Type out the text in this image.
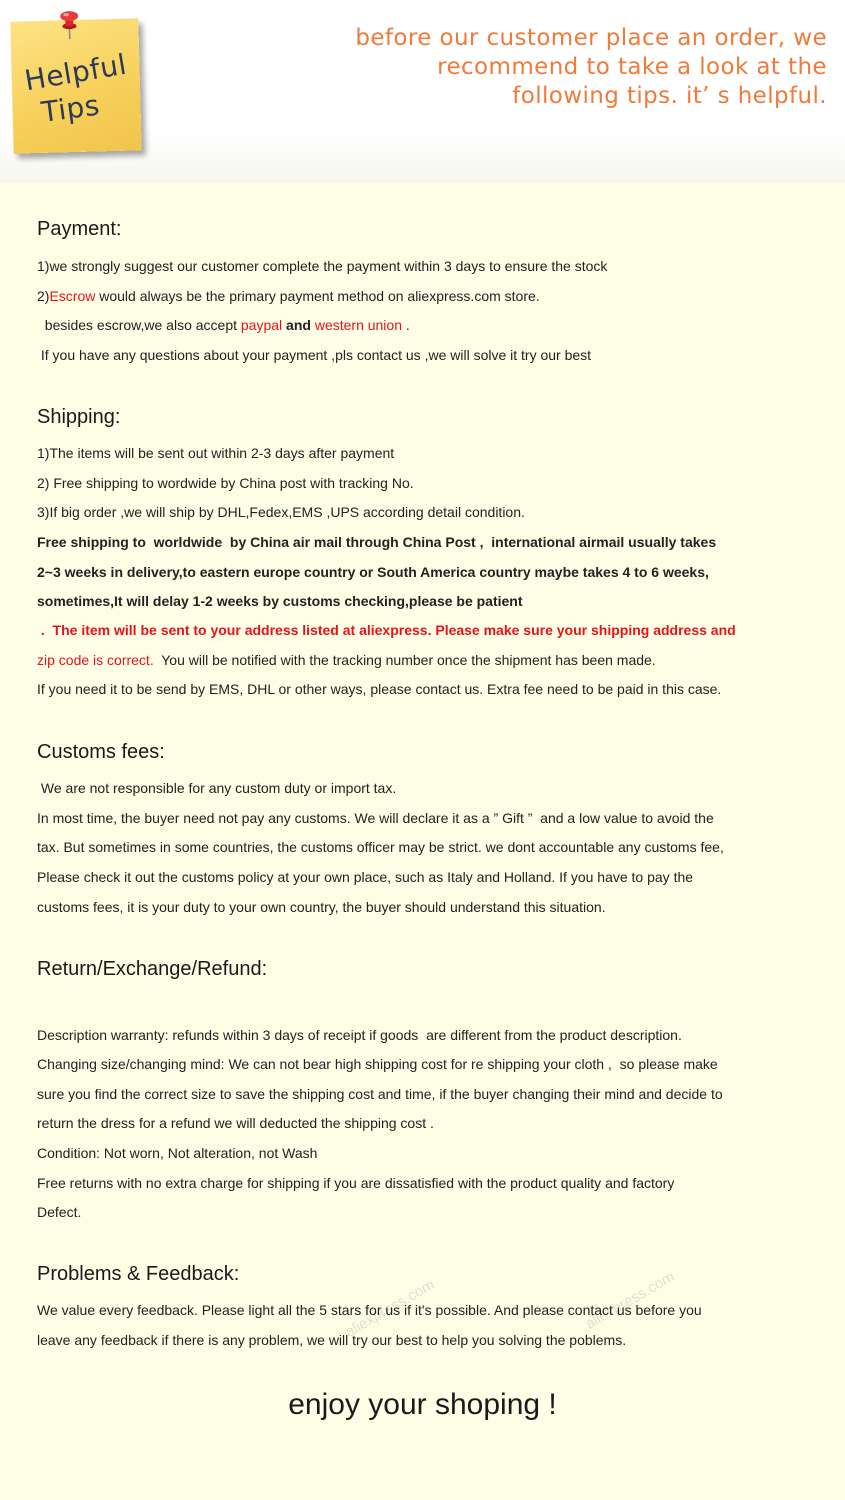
Helpful
Tips
before our customer place an order, we
recommend to take a look at the
following tips. it’ s helpful.
aliexpress.com	aliexpress.com
Payment:
1)we strongly suggest our customer complete the payment within 3 days to ensure the stock
2)Escrow would always be the primary payment method on aliexpress.com store.
besides escrow,we also accept paypal and western union .
If you have any questions about your payment ,pls contact us ,we will solve it try our best
Shipping:
1)The items will be sent out within 2-3 days after payment
2) Free shipping to wordwide by China post with tracking No.
3)If big order ,we will ship by DHL,Fedex,EMS ,UPS according detail condition.
Free shipping to  worldwide  by China air mail through China Post ,  international airmail usually takes
2~3 weeks in delivery,to eastern europe country or South America country maybe takes 4 to 6 weeks,
sometimes,It will delay 1-2 weeks by customs checking,please be patient
.  The item will be sent to your address listed at aliexpress. Please make sure your shipping address and
zip code is correct.  You will be notified with the tracking number once the shipment has been made.
If you need it to be send by EMS, DHL or other ways, please contact us. Extra fee need to be paid in this case.
Customs fees:
We are not responsible for any custom duty or import tax.
In most time, the buyer need not pay any customs. We will declare it as a ” Gift ”  and a low value to avoid the
tax. But sometimes in some countries, the customs officer may be strict. we dont accountable any customs fee,
Please check it out the customs policy at your own place, such as Italy and Holland. If you have to pay the
customs fees, it is your duty to your own country, the buyer should understand this situation.
Return/Exchange/Refund:
Description warranty: refunds within 3 days of receipt if goods  are different from the product description.
Changing size/changing mind: We can not bear high shipping cost for re shipping your cloth ,  so please make
sure you find the correct size to save the shipping cost and time, if the buyer changing their mind and decide to
return the dress for a refund we will deducted the shipping cost .
Condition: Not worn, Not alteration, not Wash
Free returns with no extra charge for shipping if you are dissatisfied with the product quality and factory
Defect.
Problems & Feedback:
We value every feedback. Please light all the 5 stars for us if it's possible. And please contact us before you
leave any feedback if there is any problem, we will try our best to help you solving the poblems.
enjoy your shoping !
